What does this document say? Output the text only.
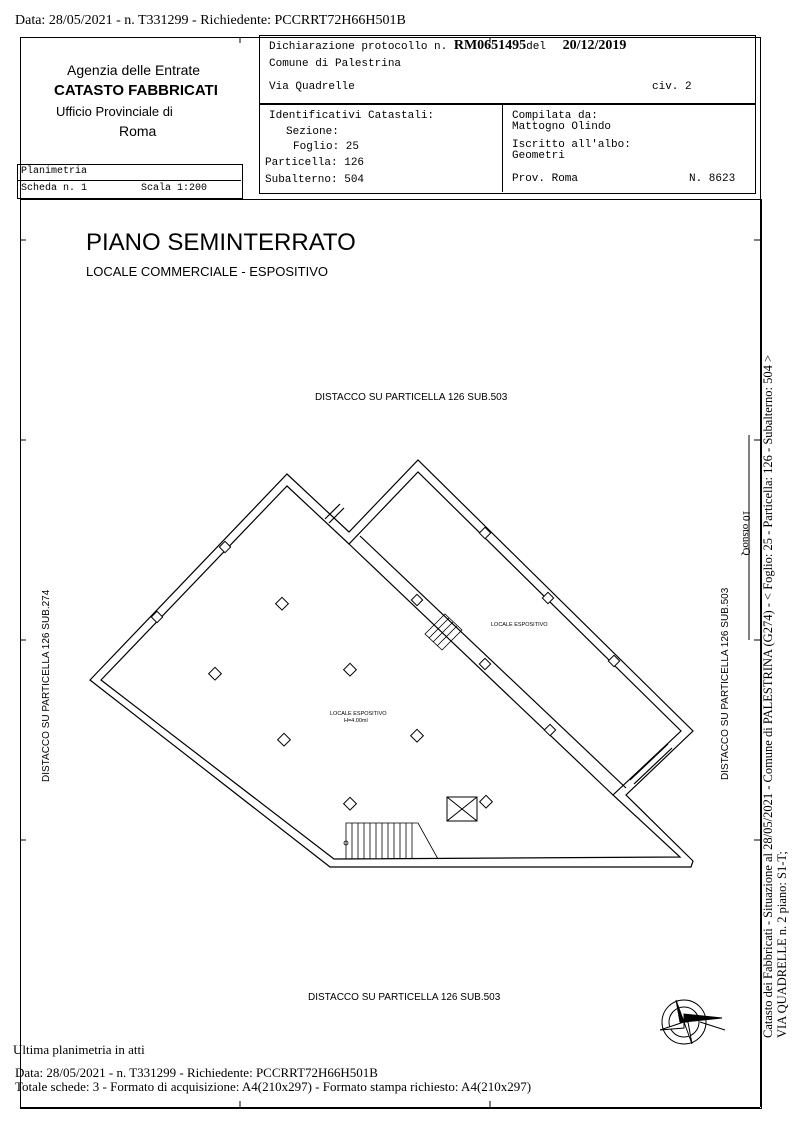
Data: 28/05/2021 - n. T331299 - Richiedente: PCCRRT72H66H501B
Agenzia delle Entrate
CATASTO FABBRICATI
Ufficio Provinciale di
Roma
Dichiarazione protocollo n. RM0651495del 20/12/2019
Comune di Palestrina
Via Quadrelle	civ. 2
Identificativi Catastali:
Sezione:
Foglio: 25
Particella: 126
Subalterno: 504
Compilata da:
Mattogno Olindo
Iscritto all'albo:
Geometri
Prov. Roma	N. 8623
Planimetria
Scheda n. 1	Scala 1:200
PIANO SEMINTERRATO
LOCALE COMMERCIALE - ESPOSITIVO
DISTACCO SU PARTICELLA 126 SUB.503
DISTACCO SU PARTICELLA 126 SUB.503
DISTACCO SU PARTICELLA 126 SUB.274	DISTACCO SU PARTICELLA 126 SUB.503
LOCALE ESPOSITIVO
LOCALE ESPOSITIVO
H=4.00ml	Catasto dei Fabbricati - Situazione al 28/05/2021 - Comune di PALESTRINA (G274) - < Foglio: 25 - Particella: 126 - Subalterno: 504 > VIA QUADRELLE n. 2 piano: S1-T;
10 otsuoQ
Ultima planimetria in atti
Data: 28/05/2021 - n. T331299 - Richiedente: PCCRRT72H66H501B
Totale schede: 3 - Formato di acquisizione: A4(210x297) - Formato stampa richiesto: A4(210x297)
